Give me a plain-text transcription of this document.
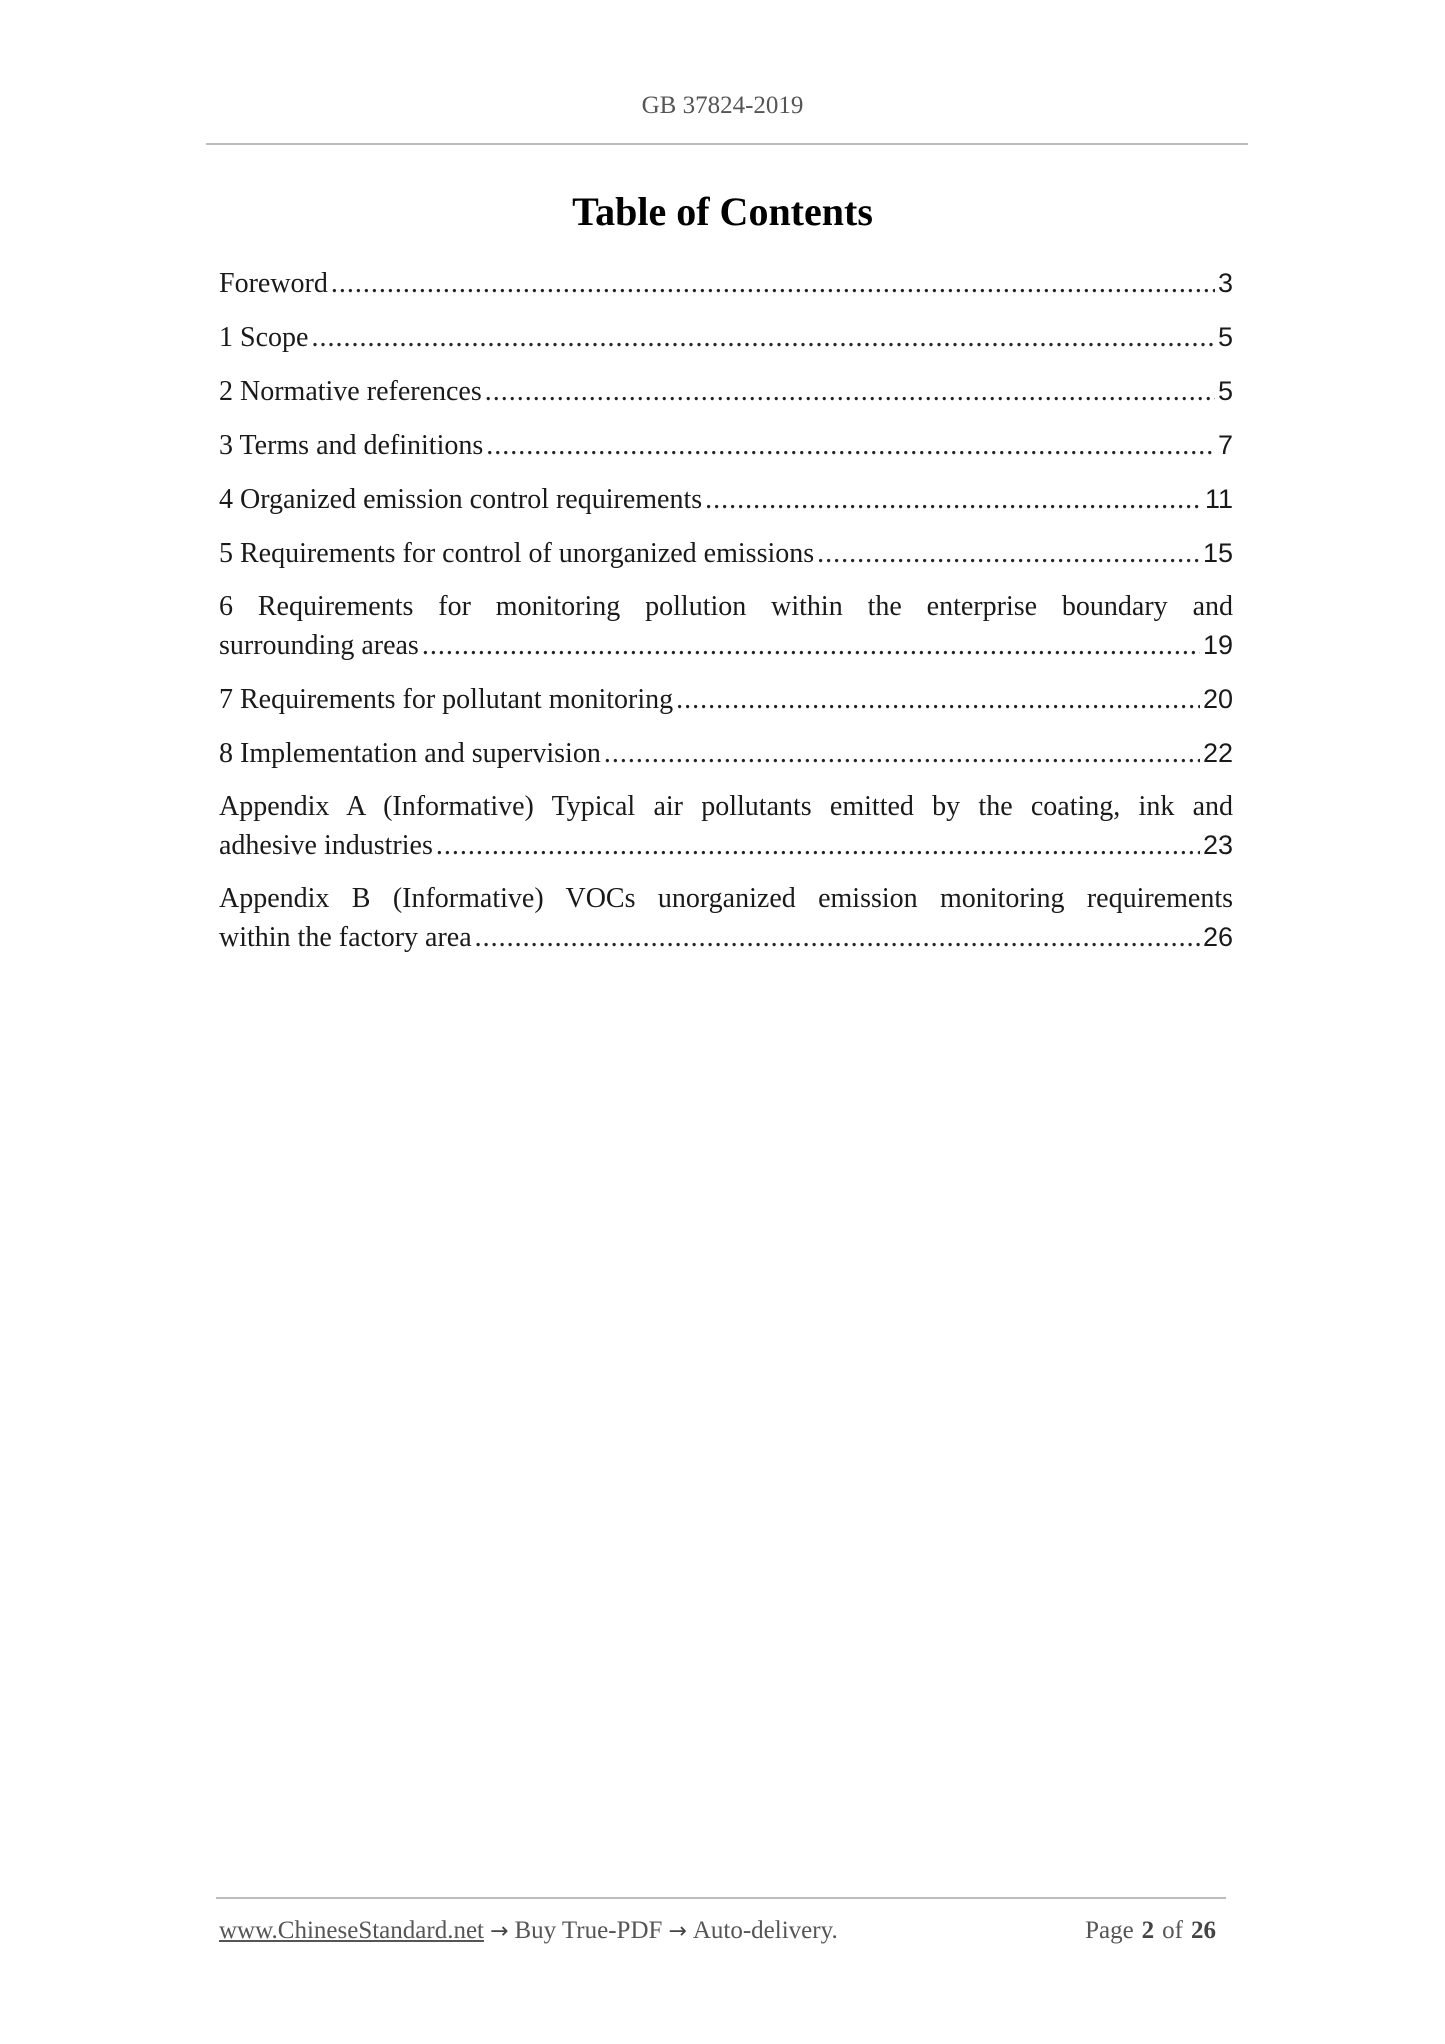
GB 37824-2019
Table of Contents
Foreword .....	3
1 Scope .....	5
2 Normative references .....	5
3 Terms and definitions .....	7
4 Organized emission control requirements .....	11
5 Requirements for control of unorganized emissions .....	15
6 Requirements for monitoring pollution within the enterprise boundary and
surrounding areas .....	19
7 Requirements for pollutant monitoring .....	20
8 Implementation and supervision .....	22
Appendix A (Informative) Typical air pollutants emitted by the coating, ink and
adhesive industries .....	23
Appendix B (Informative) VOCs unorganized emission monitoring requirements
within the factory area .....	26
www.ChineseStandard.net → Buy True-PDF → Auto-delivery.	Page 2 of 26
